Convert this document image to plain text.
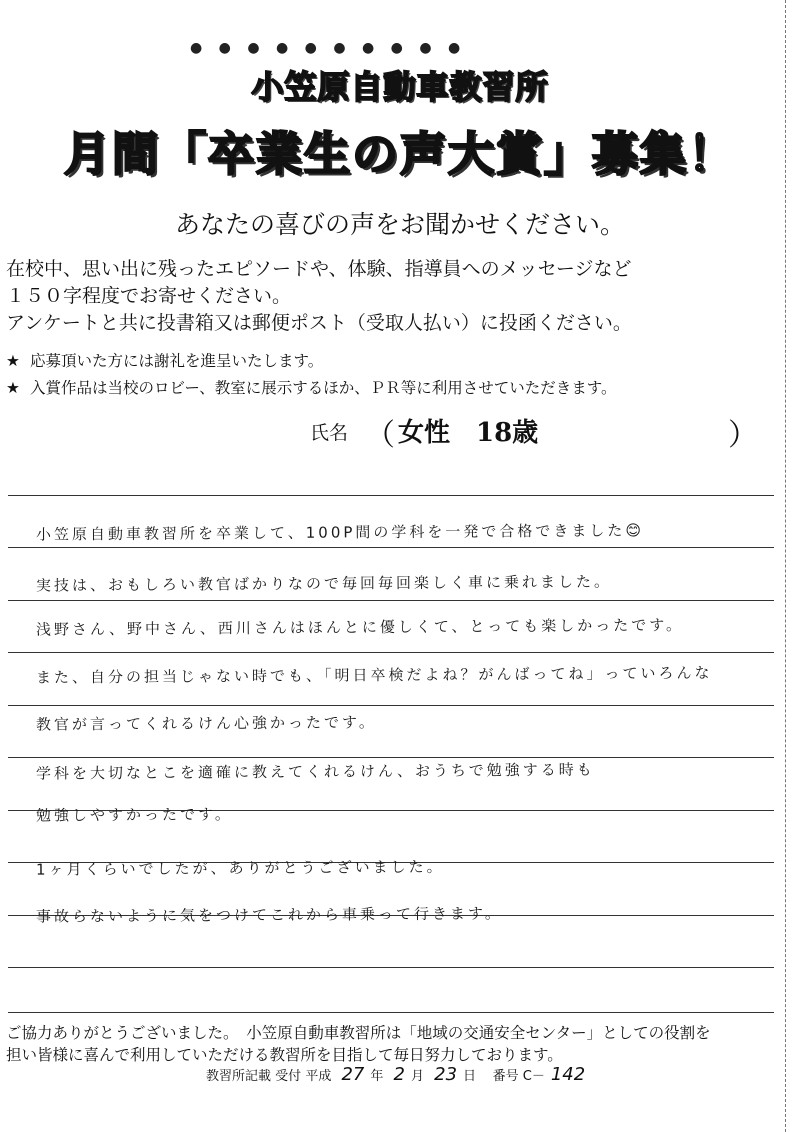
● ● ● ● ● ● ● ● ● ●
小笠原自動車教習所
月間「卒業生の声大賞」募集！
あなたの喜びの声をお聞かせください。
在校中、思い出に残ったエピソードや、体験、指導員へのメッセージなど
１５０字程度でお寄せください。
アンケートと共に投書箱又は郵便ポスト（受取人払い）に投函ください。
★ 応募頂いた方には謝礼を進呈いたします。
★ 入賞作品は当校のロビー、教室に展示するほか、ＰＲ等に利用させていただきます。
氏名 （ 女性　18歳	）
小笠原自動車教習所を卒業して、100P間の学科を一発で合格できました😊
実技は、おもしろい教官ばかりなので毎回毎回楽しく車に乗れました。
浅野さん、野中さん、西川さんはほんとに優しくて、とっても楽しかったです。
また、自分の担当じゃない時でも、「明日卒検だよね？がんばってね」っていろんな
教官が言ってくれるけん心強かったです。
学科を大切なとこを適確に教えてくれるけん、おうちで勉強する時も
勉強しやすかったです。
1ヶ月くらいでしたが、ありがとうございました。
事故らないように気をつけてこれから車乗って行きます。
ご協力ありがとうございました。　小笠原自動車教習所は「地域の交通安全センター」としての役割を
担い皆様に喜んで利用していただける教習所を目指して毎日努力しております。
教習所記載 受付 平成 27 年 2 月 23 日 番号 C－ 142
